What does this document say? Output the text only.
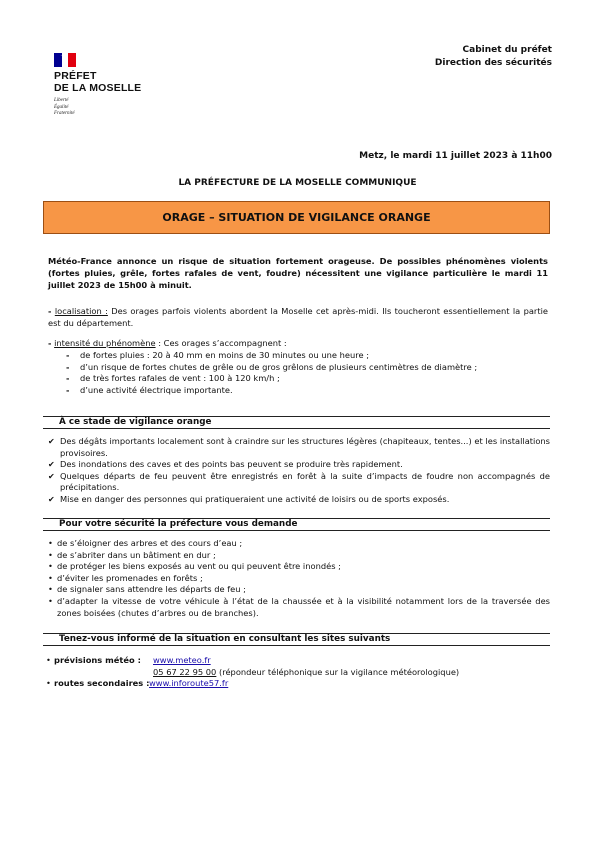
PRÉFET
DE LA MOSELLE
Liberté
Égalité
Fraternité
Cabinet du préfet
Direction des sécurités
Metz, le mardi 11 juillet 2023 à 11h00
LA PRÉFECTURE DE LA MOSELLE COMMUNIQUE
ORAGE – SITUATION DE VIGILANCE ORANGE
Météo-France annonce un risque de situation fortement orageuse. De possibles phénomènes violents (fortes pluies, grêle, fortes rafales de vent, foudre) nécessitent une vigilance particulière le mardi 11 juillet 2023 de 15h00 à minuit.
- localisation : Des orages parfois violents abordent la Moselle cet après-midi. Ils toucheront essentiellement la partie est du département.
- intensité du phénomène : Ces orages s’accompagnent :
- de fortes pluies : 20 à 40 mm en moins de 30 minutes ou une heure ;
- d’un risque de fortes chutes de grêle ou de gros grêlons de plusieurs centimètres de diamètre ;
- de très fortes rafales de vent : 100 à 120 km/h ;
- d’une activité électrique importante.
À ce stade de vigilance orange
✔ Des dégâts importants localement sont à craindre sur les structures légères (chapiteaux, tentes...) et les installations provisoires.
✔ Des inondations des caves et des points bas peuvent se produire très rapidement.
✔ Quelques départs de feu peuvent être enregistrés en forêt à la suite d’impacts de foudre non accompagnés de précipitations.
✔ Mise en danger des personnes qui pratiqueraient une activité de loisirs ou de sports exposés.
Pour votre sécurité la préfecture vous demande
• de s’éloigner des arbres et des cours d’eau ;
• de s’abriter dans un bâtiment en dur ;
• de protéger les biens exposés au vent ou qui peuvent être inondés ;
• d’éviter les promenades en forêts ;
• de signaler sans attendre les départs de feu ;
• d’adapter la vitesse de votre véhicule à l’état de la chaussée et à la visibilité notamment lors de la traversée des zones boisées (chutes d’arbres ou de branches).
Tenez-vous informé de la situation en consultant les sites suivants
• prévisions météo : www.meteo.fr
05 67 22 95 00 (répondeur téléphonique sur la vigilance météorologique)
• routes secondaires : www.inforoute57.fr
